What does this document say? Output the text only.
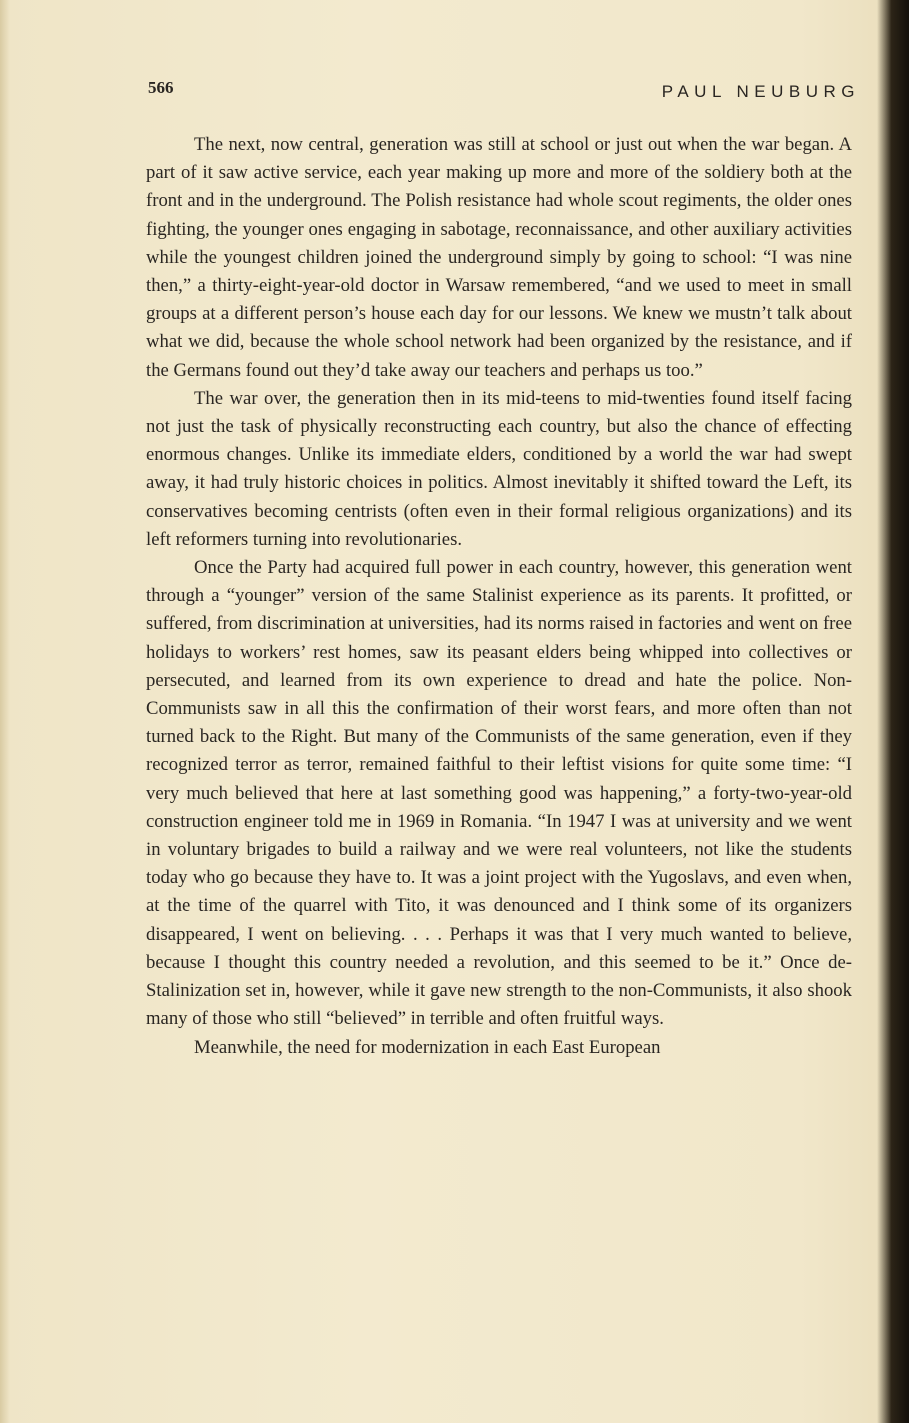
566	PAUL NEUBURG

The next, now central, generation was still at school or just out when the war began. A part of it saw active service, each year making up more and more of the soldiery both at the front and in the underground. The Polish resistance had whole scout regiments, the older ones fighting, the younger ones engaging in sabotage, reconnaissance, and other auxiliary activities while the youngest children joined the underground simply by going to school: “I was nine then,” a thirty-eight-year-old doctor in Warsaw remembered, “and we used to meet in small groups at a different person’s house each day for our lessons. We knew we mustn’t talk about what we did, because the whole school network had been organized by the resistance, and if the Germans found out they’d take away our teachers and perhaps us too.”

The war over, the generation then in its mid-teens to mid-twenties found itself facing not just the task of physically reconstructing each country, but also the chance of effecting enormous changes. Unlike its immediate elders, conditioned by a world the war had swept away, it had truly historic choices in politics. Almost inevitably it shifted toward the Left, its conservatives becoming centrists (often even in their formal religious organizations) and its left reformers turning into revolutionaries.

Once the Party had acquired full power in each country, however, this generation went through a “younger” version of the same Stalinist experience as its parents. It profitted, or suffered, from discrimination at universities, had its norms raised in factories and went on free holidays to workers’ rest homes, saw its peasant elders being whipped into collectives or persecuted, and learned from its own experience to dread and hate the police. Non-Communists saw in all this the confirmation of their worst fears, and more often than not turned back to the Right. But many of the Communists of the same generation, even if they recognized terror as terror, remained faithful to their leftist visions for quite some time: “I very much believed that here at last something good was happening,” a forty-two-year-old construction engineer told me in 1969 in Romania. “In 1947 I was at university and we went in voluntary brigades to build a railway and we were real volunteers, not like the students today who go because they have to. It was a joint project with the Yugoslavs, and even when, at the time of the quarrel with Tito, it was denounced and I think some of its organizers disappeared, I went on believing. . . . Perhaps it was that I very much wanted to believe, because I thought this country needed a revolution, and this seemed to be it.” Once de-Stalinization set in, however, while it gave new strength to the non-Communists, it also shook many of those who still “believed” in terrible and often fruitful ways.

Meanwhile, the need for modernization in each East European
